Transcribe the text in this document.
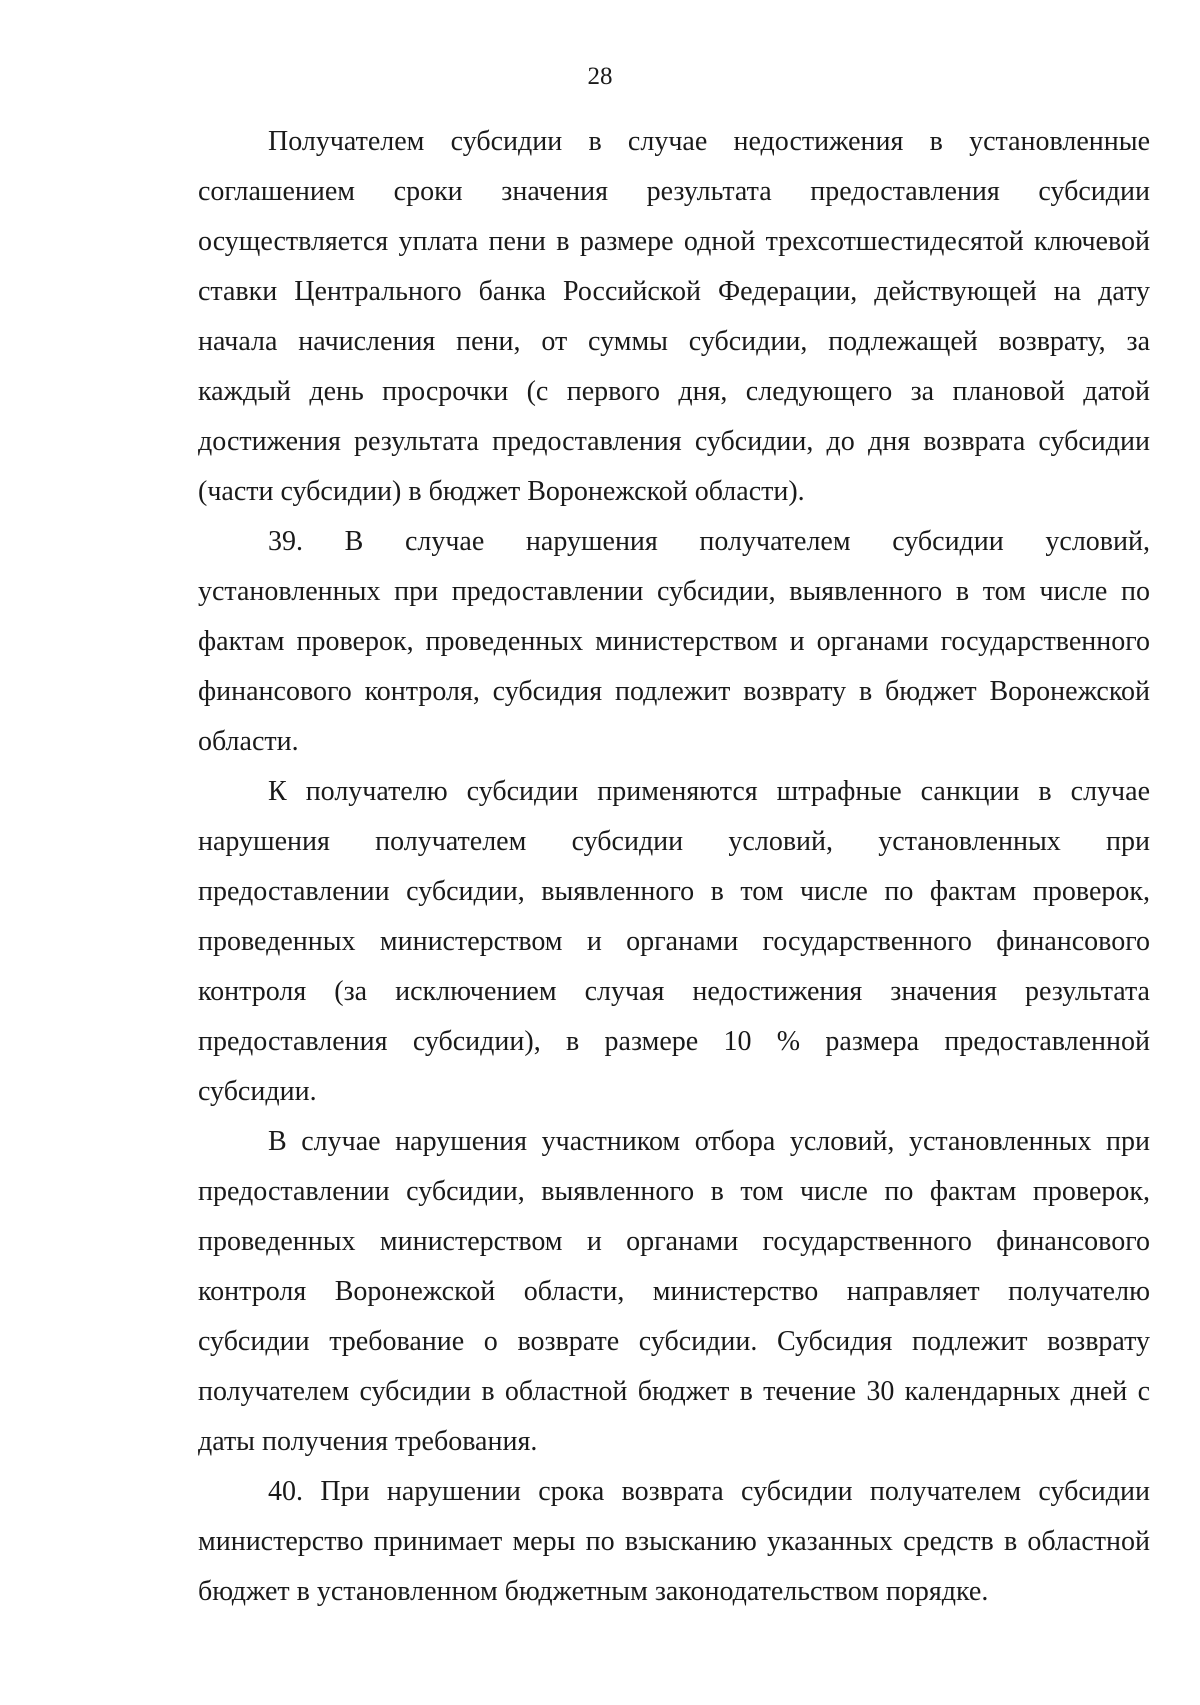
28
Получателем субсидии в случае недостижения в установленные
соглашением сроки значения результата предоставления субсидии
осуществляется уплата пени в размере одной трехсотшестидесятой ключевой
ставки Центрального банка Российской Федерации, действующей на дату
начала начисления пени, от суммы субсидии, подлежащей возврату, за
каждый день просрочки (с первого дня, следующего за плановой датой
достижения результата предоставления субсидии, до дня возврата субсидии
(части субсидии) в бюджет Воронежской области).
39. В случае нарушения получателем субсидии условий,
установленных при предоставлении субсидии, выявленного в том числе по
фактам проверок, проведенных министерством и органами государственного
финансового контроля, субсидия подлежит возврату в бюджет Воронежской
области.
К получателю субсидии применяются штрафные санкции в случае
нарушения получателем субсидии условий, установленных при
предоставлении субсидии, выявленного в том числе по фактам проверок,
проведенных министерством и органами государственного финансового
контроля (за исключением случая недостижения значения результата
предоставления субсидии), в размере 10 % размера предоставленной
субсидии.
В случае нарушения участником отбора условий, установленных при
предоставлении субсидии, выявленного в том числе по фактам проверок,
проведенных министерством и органами государственного финансового
контроля Воронежской области, министерство направляет получателю
субсидии требование о возврате субсидии. Субсидия подлежит возврату
получателем субсидии в областной бюджет в течение 30 календарных дней с
даты получения требования.
40. При нарушении срока возврата субсидии получателем субсидии
министерство принимает меры по взысканию указанных средств в областной
бюджет в установленном бюджетным законодательством порядке.
